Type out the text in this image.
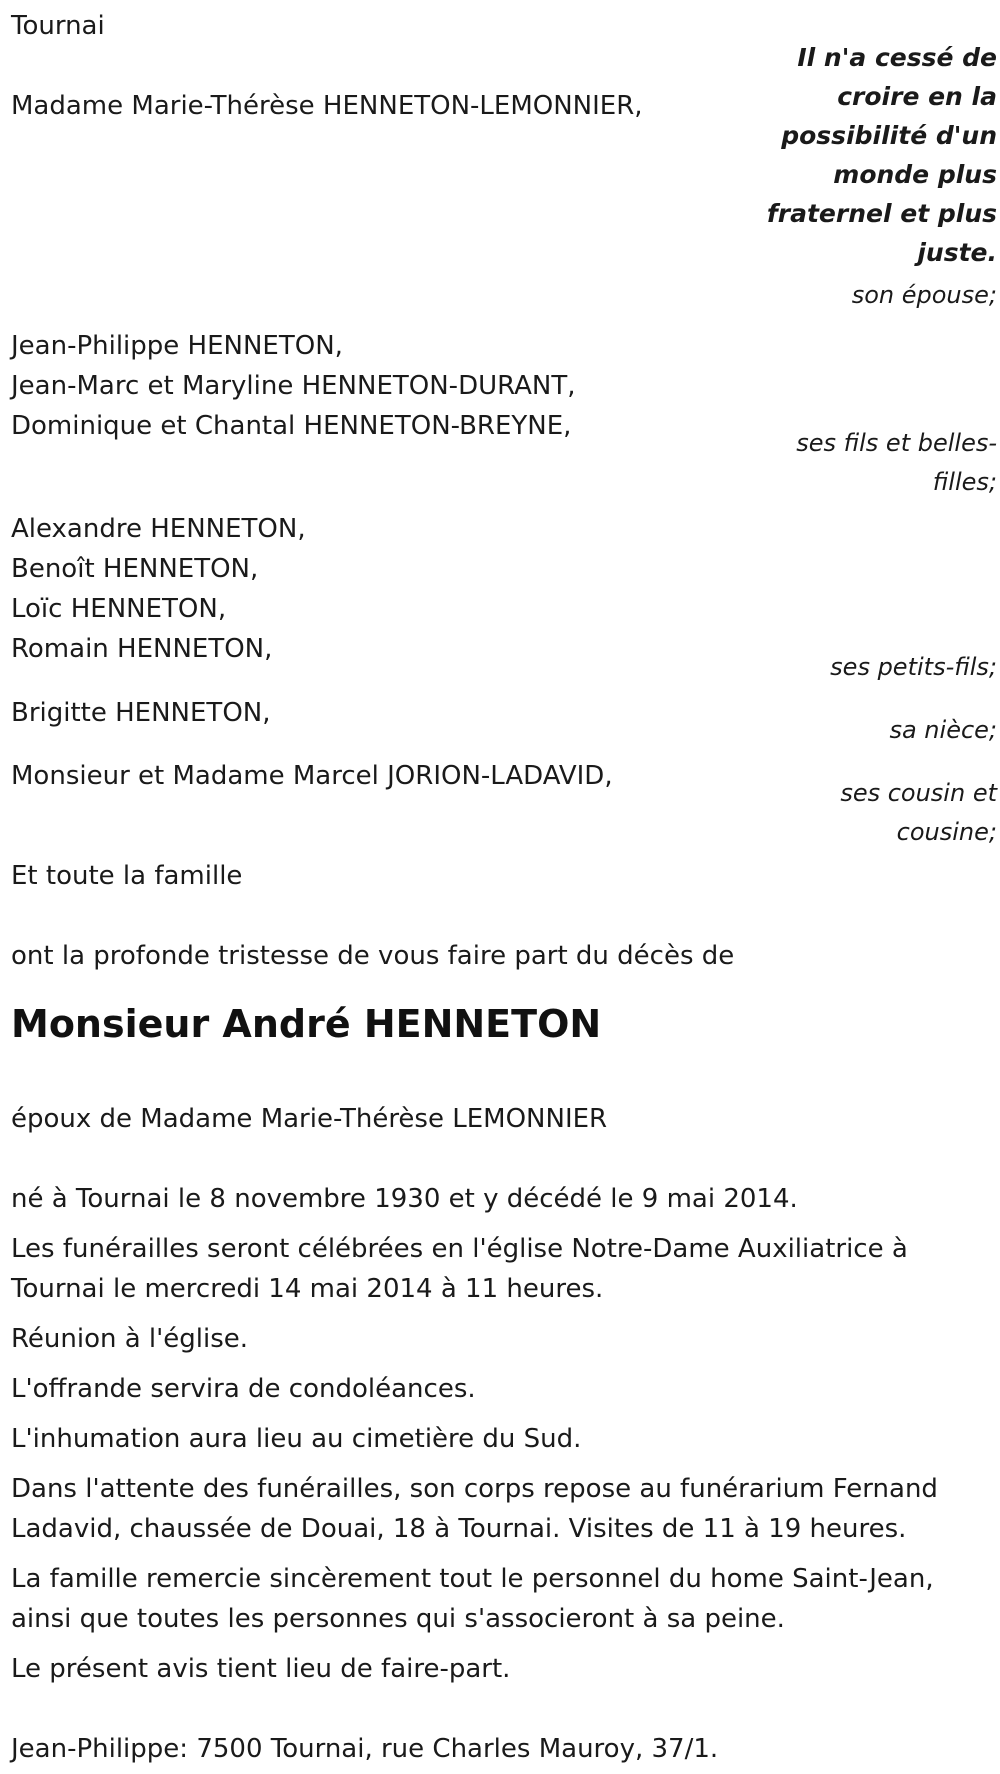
Tournai
Il n'a cessé de croire en la possibilité d'un monde plus fraternel et plus juste.
Madame Marie-Thérèse HENNETON-LEMONNIER,
son épouse;
Jean-Philippe HENNETON,
Jean-Marc et Maryline HENNETON-DURANT,
Dominique et Chantal HENNETON-BREYNE,
ses fils et belles-filles;
Alexandre HENNETON,
Benoît HENNETON,
Loïc HENNETON,
Romain HENNETON,
ses petits-fils;
Brigitte HENNETON,
sa nièce;
Monsieur et Madame Marcel JORION-LADAVID,
ses cousin et cousine;
Et toute la famille
ont la profonde tristesse de vous faire part du décès de
Monsieur André HENNETON
époux de Madame Marie-Thérèse LEMONNIER
né à Tournai le 8 novembre 1930 et y décédé le 9 mai 2014.
Les funérailles seront célébrées en l'église Notre-Dame Auxiliatrice à Tournai le mercredi 14 mai 2014 à 11 heures.
Réunion à l'église.
L'offrande servira de condoléances.
L'inhumation aura lieu au cimetière du Sud.
Dans l'attente des funérailles, son corps repose au funérarium Fernand Ladavid, chaussée de Douai, 18 à Tournai. Visites de 11 à 19 heures.
La famille remercie sincèrement tout le personnel du home Saint-Jean, ainsi que toutes les personnes qui s'associeront à sa peine.
Le présent avis tient lieu de faire-part.
Jean-Philippe: 7500 Tournai, rue Charles Mauroy, 37/1.
